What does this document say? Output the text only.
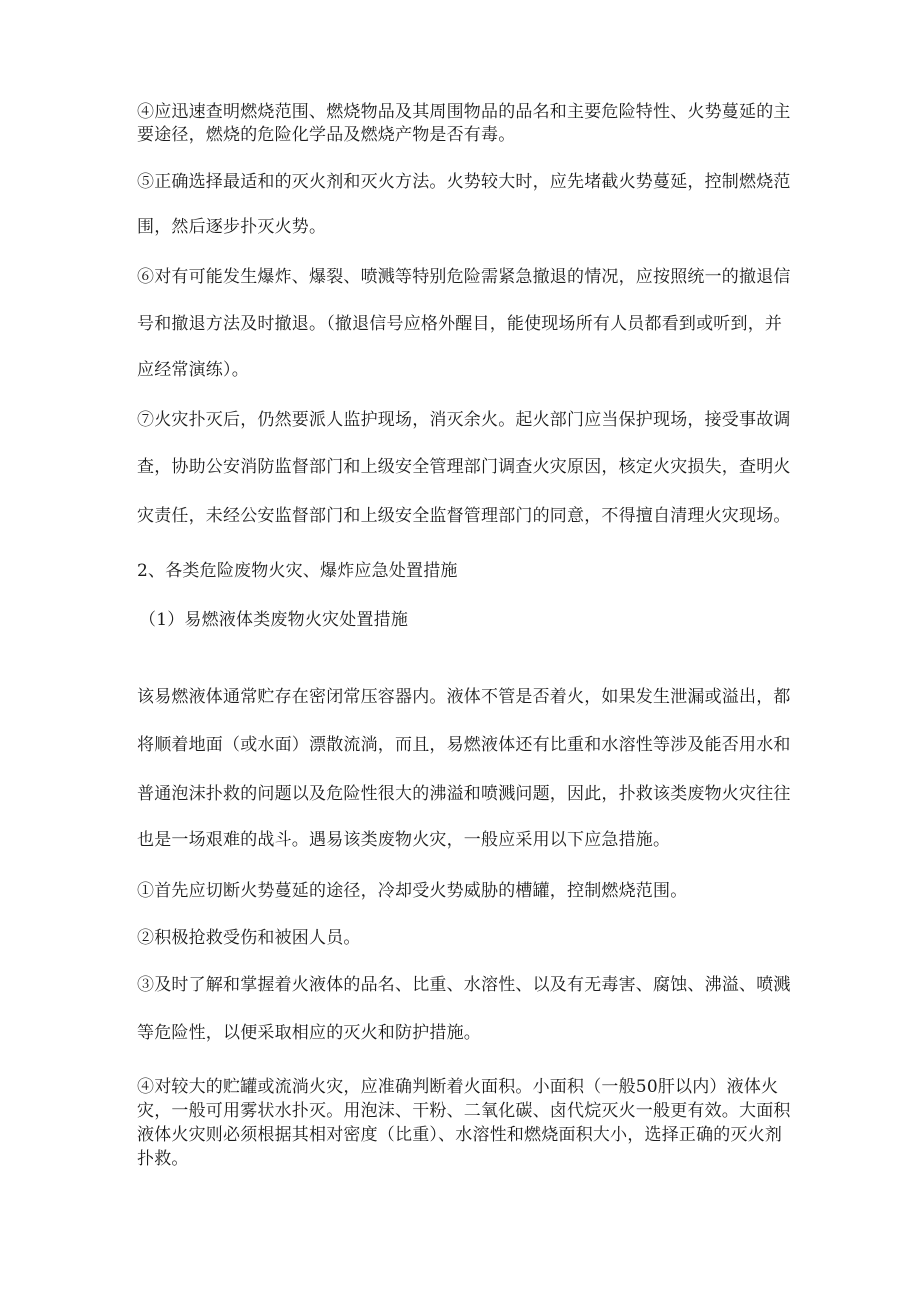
④应迅速查明燃烧范围、燃烧物品及其周围物品的品名和主要危险特性、火势蔓延的主
要途径，燃烧的危险化学品及燃烧产物是否有毒。
⑤正确选择最适和的灭火剂和灭火方法。火势较大时，应先堵截火势蔓延，控制燃烧范
围，然后逐步扑灭火势。
⑥对有可能发生爆炸、爆裂、喷溅等特别危险需紧急撤退的情况，应按照统一的撤退信
号和撤退方法及时撤退。（撤退信号应格外醒目，能使现场所有人员都看到或听到，并
应经常演练）。
⑦火灾扑灭后，仍然要派人监护现场，消灭余火。起火部门应当保护现场，接受事故调
查，协助公安消防监督部门和上级安全管理部门调查火灾原因，核定火灾损失，查明火
灾责任，未经公安监督部门和上级安全监督管理部门的同意，不得擅自清理火灾现场。
2、各类危险废物火灾、爆炸应急处置措施
（1）易燃液体类废物火灾处置措施
该易燃液体通常贮存在密闭常压容器内。液体不管是否着火，如果发生泄漏或溢出，都
将顺着地面（或水面）漂散流淌，而且，易燃液体还有比重和水溶性等涉及能否用水和
普通泡沫扑救的问题以及危险性很大的沸溢和喷溅问题，因此，扑救该类废物火灾往往
也是一场艰难的战斗。遇易该类废物火灾，一般应采用以下应急措施。
①首先应切断火势蔓延的途径，冷却受火势威胁的槽罐，控制燃烧范围。
②积极抢救受伤和被困人员。
③及时了解和掌握着火液体的品名、比重、水溶性、以及有无毒害、腐蚀、沸溢、喷溅
等危险性，以便采取相应的灭火和防护措施。
④对较大的贮罐或流淌火灾，应准确判断着火面积。小面积（一般50肝以内）液体火
灾，一般可用雾状水扑灭。用泡沫、干粉、二氧化碳、卤代烷灭火一般更有效。大面积
液体火灾则必须根据其相对密度（比重）、水溶性和燃烧面积大小，选择正确的灭火剂
扑救。
